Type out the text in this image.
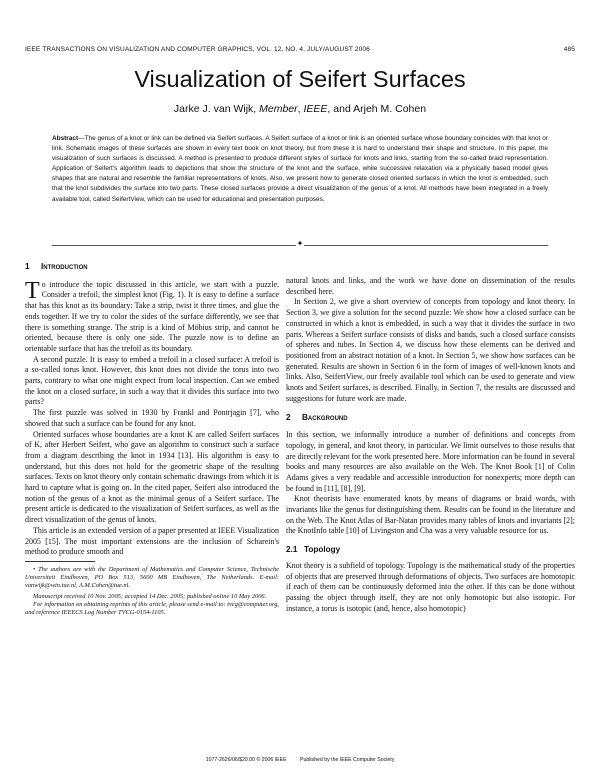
IEEE TRANSACTIONS ON VISUALIZATION AND COMPUTER GRAPHICS, VOL. 12, NO. 4, JULY/AUGUST 2006	485
Visualization of Seifert Surfaces
Jarke J. van Wijk, Member, IEEE, and Arjeh M. Cohen
Abstract—The genus of a knot or link can be defined via Seifert surfaces. A Seifert surface of a knot or link is an oriented surface whose boundary coincides with that knot or link. Schematic images of these surfaces are shown in every text book on knot theory, but from these it is hard to understand their shape and structure. In this paper, the visualization of such surfaces is discussed. A method is presented to produce different styles of surface for knots and links, starting from the so-called braid representation. Application of Seifert's algorithm leads to depictions that show the structure of the knot and the surface, while successive relaxation via a physically based model gives shapes that are natural and resemble the familiar representations of knots. Also, we present how to generate closed oriented surfaces in which the knot is embedded, such that the knot subdivides the surface into two parts. These closed surfaces provide a direct visualization of the genus of a knot. All methods have been integrated in a freely available tool, called SeifertView, which can be used for educational and presentation purposes.
✦
1 Introduction

To introduce the topic discussed in this article, we start with a puzzle. Consider a trefoil, the simplest knot (Fig. 1). It is easy to define a surface that has this knot as its boundary: Take a strip, twist it three times, and glue the ends together. If we try to color the sides of the surface differently, we see that there is something strange. The strip is a kind of Möbius strip, and cannot be oriented, because there is only one side. The puzzle now is to define an orientable surface that has the trefoil as its boundary.

A second puzzle. It is easy to embed a trefoil in a closed surface: A trefoil is a so-called torus knot. However, this knot does not divide the torus into two parts, contrary to what one might expect from local inspection. Can we embed the knot on a closed surface, in such a way that it divides this surface into two parts?

The first puzzle was solved in 1930 by Frankl and Pontrjagin [7], who showed that such a surface can be found for any knot.

Oriented surfaces whose boundaries are a knot K are called Seifert surfaces of K, after Herbert Seifert, who gave an algorithm to construct such a surface from a diagram describing the knot in 1934 [13]. His algorithm is easy to understand, but this does not hold for the geometric shape of the resulting surfaces. Texts on knot theory only contain schematic drawings from which it is hard to capture what is going on. In the cited paper, Seifert also introduced the notion of the genus of a knot as the minimal genus of a Seifert surface. The present article is dedicated to the visualization of Seifert surfaces, as well as the direct visualization of the genus of knots.

This article is an extended version of a paper presented at IEEE Visualization 2005 [15]. The most important extensions are the inclusion of Scharein's method to produce smooth and

• The authors are with the Department of Mathematics and Computer Science, Technische Universiteit Eindhoven, PO Box 513, 5600 MB Eindhoven, The Netherlands. E-mail: vanwijk@win.tue.nl, A.M.Cohen@tue.nl.

Manuscript received 10 Nov. 2005; accepted 14 Dec. 2005; published online 10 May 2006.

For information on obtaining reprints of this article, please send e-mail to: tvcg@computer.org, and reference IEEECS Log Number TVCG-0154-1105.

natural knots and links, and the work we have done on dissemination of the results described here.

In Section 2, we give a short overview of concepts from topology and knot theory. In Section 3, we give a solution for the second puzzle: We show how a closed surface can be constructed in which a knot is embedded, in such a way that it divides the surface in two parts. Whereas a Seifert surface consists of disks and bands, such a closed surface consists of spheres and tubes. In Section 4, we discuss how these elements can be derived and positioned from an abstract notation of a knot. In Section 5, we show how surfaces can be generated. Results are shown in Section 6 in the form of images of well-known knots and links. Also, SeifertView, our freely available tool which can be used to generate and view knots and Seifert surfaces, is described. Finally, in Section 7, the results are discussed and suggestions for future work are made.

2 Background

In this section, we informally introduce a number of definitions and concepts from topology, in general, and knot theory, in particular. We limit ourselves to those results that are directly relevant for the work presented here. More information can be found in several books and many resources are also available on the Web. The Knot Book [1] of Colin Adams gives a very readable and accessible introduction for nonexperts; more depth can be found in [11], [8], [9].

Knot theorists have enumerated knots by means of diagrams or braid words, with invariants like the genus for distinguishing them. Results can be found in the literature and on the Web. The Knot Atlas of Bar-Natan provides many tables of knots and invariants [2]; the KnotInfo table [10] of Livingston and Cha was a very valuable resource for us.

2.1 Topology

Knot theory is a subfield of topology. Topology is the mathematical study of the properties of objects that are preserved through deformations of objects. Two surfaces are homotopic if each of them can be continuously deformed into the other. If this can be done without passing the object through itself, they are not only homotopic but also isotopic. For instance, a torus is isotopic (and, hence, also homotopic)

1077-2626/06/$20.00 © 2006 IEEE	Published by the IEEE Computer Society
